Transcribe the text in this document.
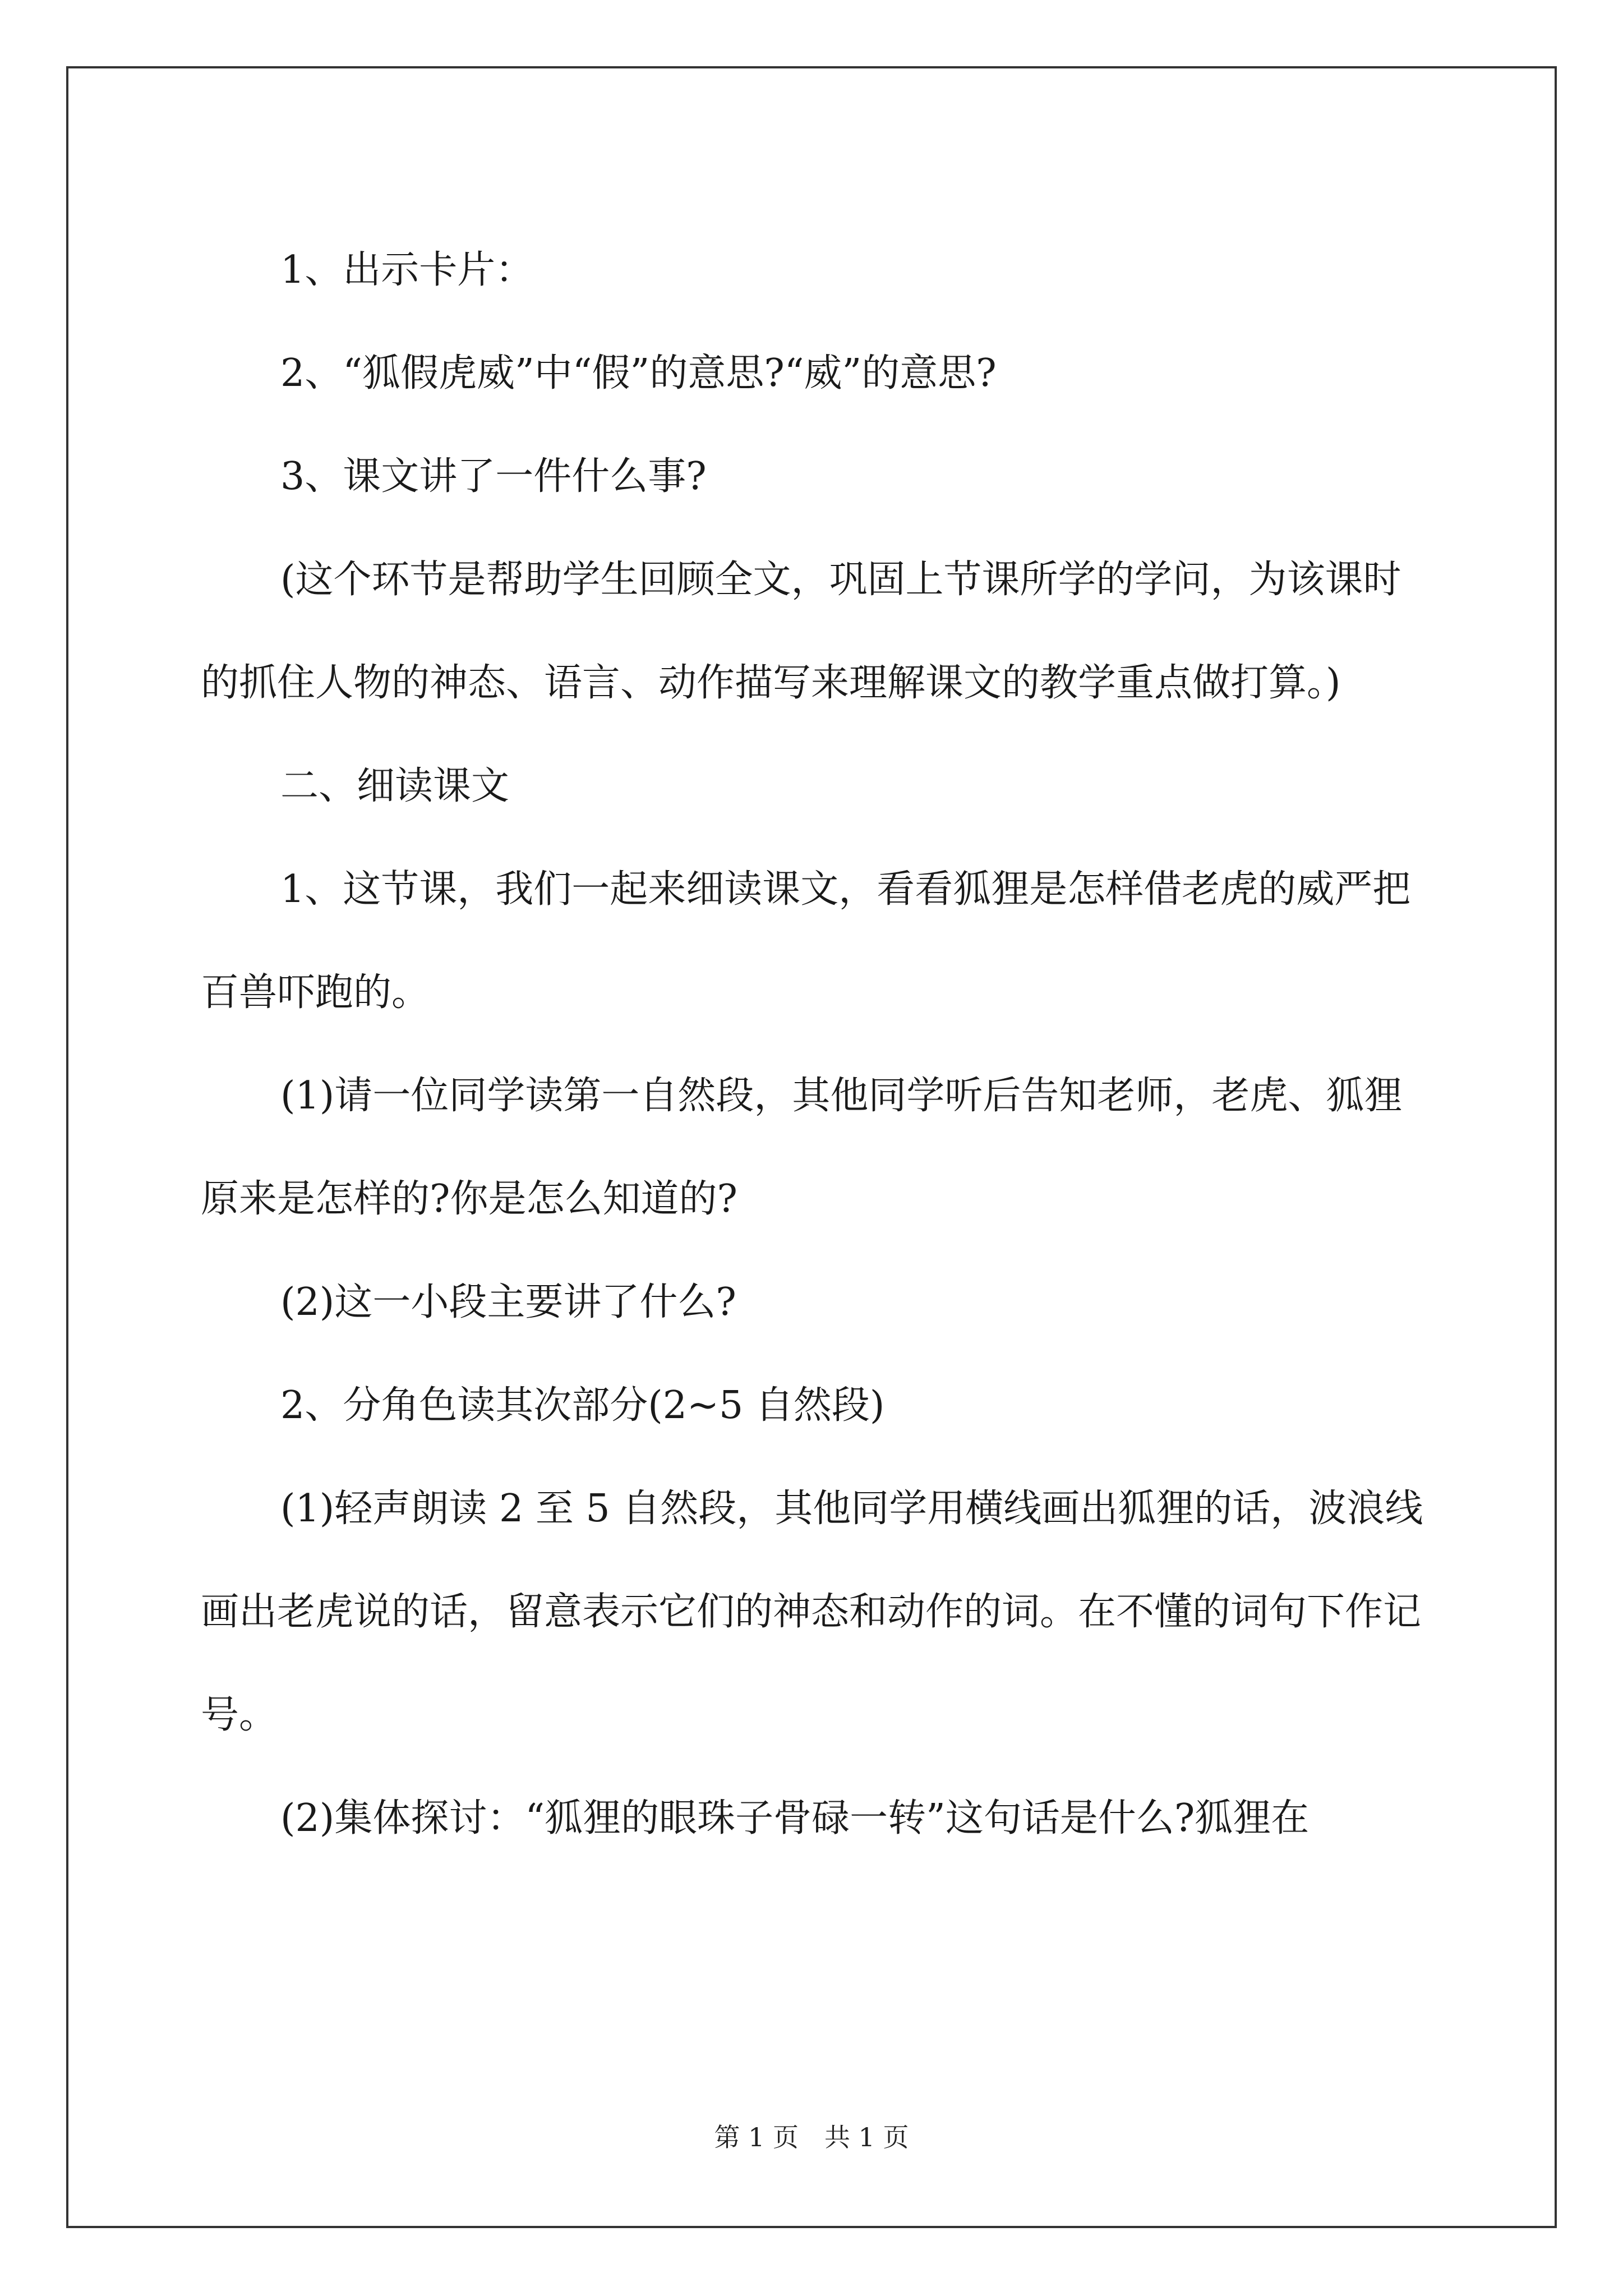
1、出示卡片：

2、“狐假虎威”中“假”的意思?“威”的意思?

3、课文讲了一件什么事?

(这个环节是帮助学生回顾全文，巩固上节课所学的学问，为该课时的抓住人物的神态、语言、动作描写来理解课文的教学重点做打算。)

二、细读课文

1、这节课，我们一起来细读课文，看看狐狸是怎样借老虎的威严把百兽吓跑的。

(1)请一位同学读第一自然段，其他同学听后告知老师，老虎、狐狸原来是怎样的?你是怎么知道的?

(2)这一小段主要讲了什么?

2、分角色读其次部分(2~5 自然段)

(1)轻声朗读 2 至 5 自然段，其他同学用横线画出狐狸的话，波浪线画出老虎说的话，留意表示它们的神态和动作的词。在不懂的词句下作记号。

(2)集体探讨：“狐狸的眼珠子骨碌一转”这句话是什么?狐狸在

第 1 页　共 1 页
